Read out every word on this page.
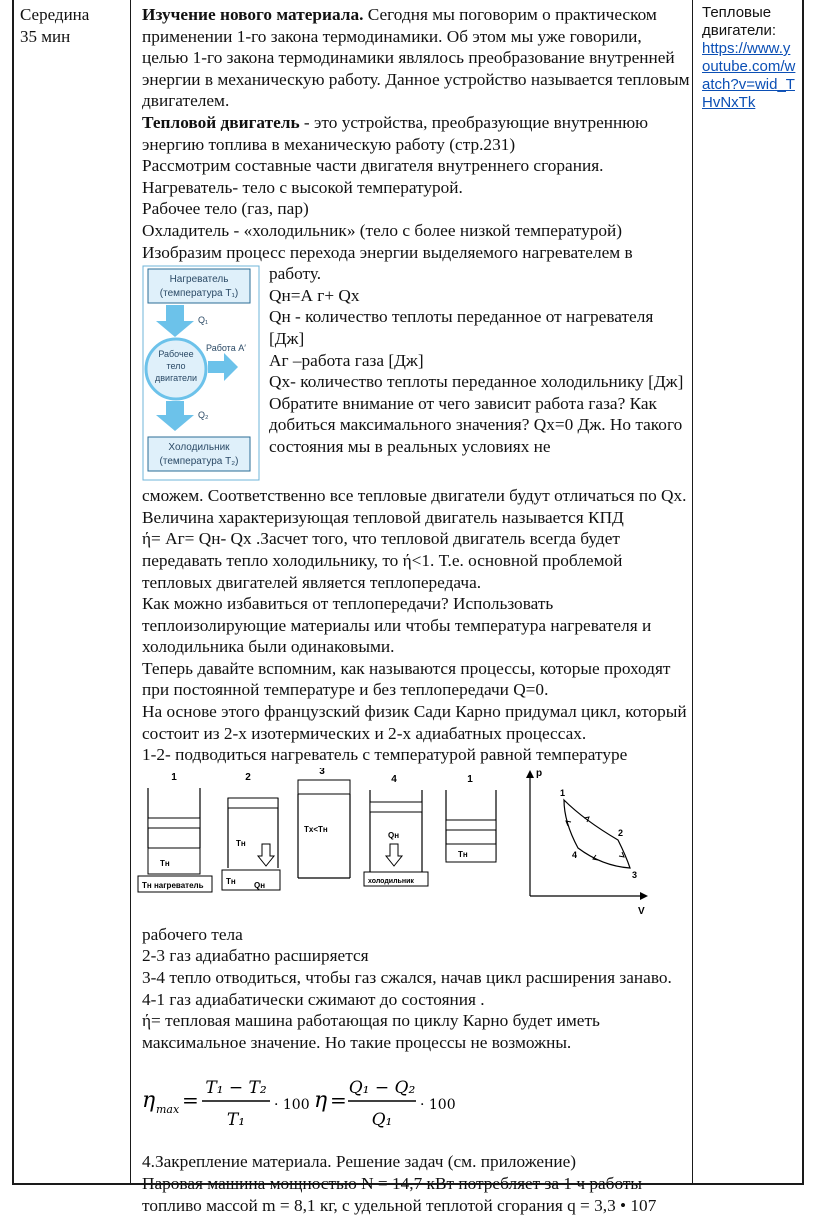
Середина
35 мин
Тепловые двигатели:
https://www.youtube.com/watch?v=wid_THvNxTk

Изучение нового материала. Сегодня мы поговорим о практическом применении 1-го закона термодинамики. Об этом мы уже говорили, целью 1-го закона термодинамики являлось преобразование внутренней энергии в механическую работу. Данное устройство называется тепловым двигателем.

Тепловой двигатель - это устройства, преобразующие внутреннюю энергию топлива в механическую работу (стр.231)

Рассмотрим составные части двигателя внутреннего сгорания.

Нагреватель- тело с высокой температурой.

Рабочее тело (газ, пар)

Охладитель - «холодильник» (тело с более низкой температурой)

Изобразим процесс перехода энергии выделяемого нагревателем в

Нагреватель
(температура T₁)
Q₁
Рабочее
тело
двигатели
Работа A′
Q₂
Холодильник
(температура T₂)

работу.

Qн=А г+ Qх

Qн - количество теплоты переданное от нагревателя [Дж]

Аг –работа газа [Дж]

Qх- количество теплоты переданное холодильнику [Дж]

Обратите внимание от чего зависит работа газа? Как добиться максимального значения? Qх=0 Дж. Но такого состояния мы в реальных условиях не

сможем. Соответственно все тепловые двигатели будут отличаться по Qх. Величина характеризующая тепловой двигатель называется КПД

ή= Аг= Qн- Qх .Засчет того, что тепловой двигатель всегда будет передавать тепло холодильнику, то ή<1. Т.е. основной проблемой тепловых двигателей является теплопередача.

Как можно избавиться от теплопередачи? Использовать теплоизолирующие материалы или чтобы температура нагревателя и холодильника были одинаковыми.

Теперь давайте вспомним, как называются процессы, которые проходят при постоянной температуре и без теплопередачи Q=0.

На основе этого французский физик Сади Карно придумал цикл, который состоит из 2-х изотермических и 2-х адиабатных процессах.

1-2- подводиться нагреватель с температурой равной температуре

1
Tн
Tн нагреватель
2
Tн
Tн Qн
3
Tх<Tн
4
Qн
холодильник
1
Tн
p
V
1
2
3
4

рабочего тела

2-3 газ адиабатно расширяется

3-4 тепло отводиться, чтобы газ сжался, начав цикл расширения занаво.

4-1 газ адиабатически сжимают до состояния .

ή= тепловая машина работающая по циклу Карно будет иметь максимальное значение. Но такие процессы не возможны.

η max = T₁ − T₂
T₁
· 100 η = Q₁ − Q₂
Q₁
· 100

4.Закрепление материала. Решение задач (см. приложение)

Паровая машина мощностью N = 14,7 кВт потребляет за 1 ч работы топливо массой m = 8,1 кг, с удельной теплотой сгорания q = 3,3 • 107
